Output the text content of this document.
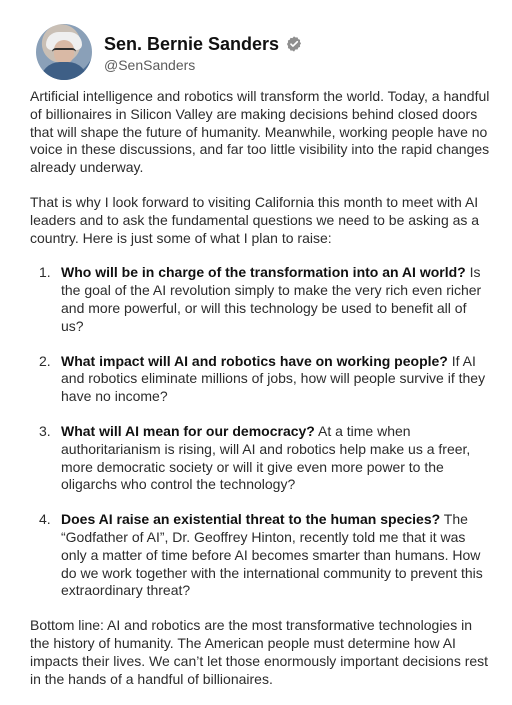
Sen. Bernie Sanders
@SenSanders

Artificial intelligence and robotics will transform the world. Today, a handful of billionaires in Silicon Valley are making decisions behind closed doors that will shape the future of humanity. Meanwhile, working people have no voice in these discussions, and far too little visibility into the rapid changes already underway.

That is why I look forward to visiting California this month to meet with AI leaders and to ask the fundamental questions we need to be asking as a country. Here is just some of what I plan to raise:

1. Who will be in charge of the transformation into an AI world? Is the goal of the AI revolution simply to make the very rich even richer and more powerful, or will this technology be used to benefit all of us?
2. What impact will AI and robotics have on working people? If AI and robotics eliminate millions of jobs, how will people survive if they have no income?
3. What will AI mean for our democracy? At a time when authoritarianism is rising, will AI and robotics help make us a freer, more democratic society or will it give even more power to the oligarchs who control the technology?
4. Does AI raise an existential threat to the human species? The “Godfather of AI”, Dr. Geoffrey Hinton, recently told me that it was only a matter of time before AI becomes smarter than humans. How do we work together with the international community to prevent this extraordinary threat?

Bottom line: AI and robotics are the most transformative technologies in the history of humanity. The American people must determine how AI impacts their lives. We can’t let those enormously important decisions rest in the hands of a handful of billionaires.
